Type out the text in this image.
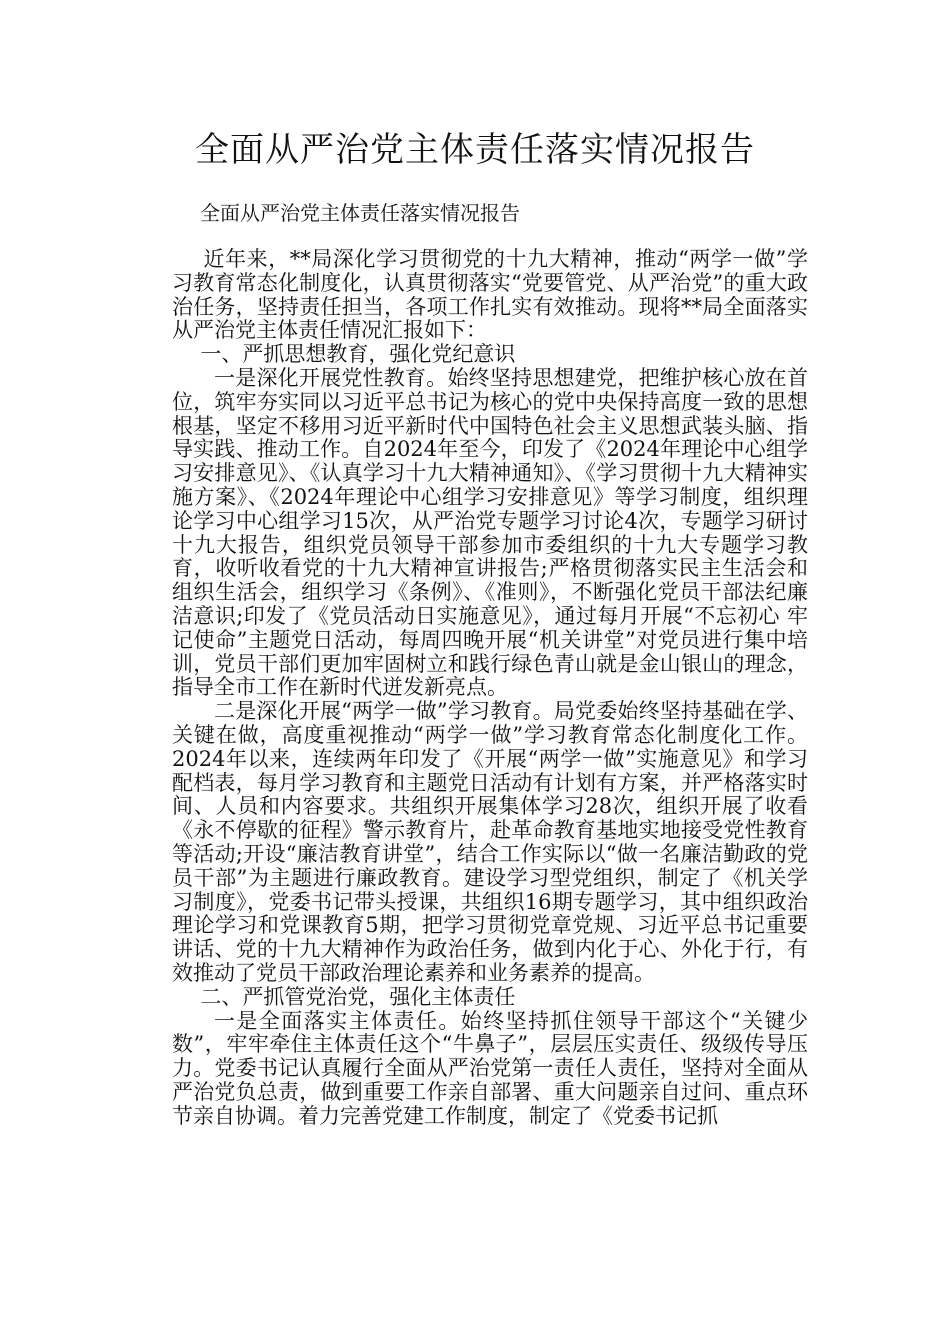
全面从严治党主体责任落实情况报告
全面从严治党主体责任落实情况报告

近年来，**局深化学习贯彻党的十九大精神，推动“两学一做”学习教育常态化制度化，认真贯彻落实“党要管党、从严治党”的重大政治任务，坚持责任担当，各项工作扎实有效推动。现将**局全面落实从严治党主体责任情况汇报如下：

一、严抓思想教育，强化党纪意识

一是深化开展党性教育。始终坚持思想建党，把维护核心放在首位，筑牢夯实同以习近平总书记为核心的党中央保持高度一致的思想根基，坚定不移用习近平新时代中国特色社会主义思想武装头脑、指导实践、推动工作。自2024年至今，印发了《2024年理论中心组学习安排意见》、《认真学习十九大精神通知》、《学习贯彻十九大精神实施方案》、《2024年理论中心组学习安排意见》等学习制度，组织理论学习中心组学习15次，从严治党专题学习讨论4次，专题学习研讨十九大报告，组织党员领导干部参加市委组织的十九大专题学习教育，收听收看党的十九大精神宣讲报告;严格贯彻落实民主生活会和组织生活会，组织学习《条例》、《准则》，不断强化党员干部法纪廉洁意识;印发了《党员活动日实施意见》，通过每月开展“不忘初心 牢记使命”主题党日活动，每周四晚开展“机关讲堂”对党员进行集中培训，党员干部们更加牢固树立和践行绿色青山就是金山银山的理念，指导全市工作在新时代迸发新亮点。

二是深化开展“两学一做”学习教育。局党委始终坚持基础在学、关键在做，高度重视推动“两学一做”学习教育常态化制度化工作。2024年以来，连续两年印发了《开展“两学一做”实施意见》和学习配档表，每月学习教育和主题党日活动有计划有方案，并严格落实时间、人员和内容要求。共组织开展集体学习28次，组织开展了收看《永不停歇的征程》警示教育片，赴革命教育基地实地接受党性教育等活动;开设“廉洁教育讲堂”，结合工作实际以“做一名廉洁勤政的党员干部”为主题进行廉政教育。建设学习型党组织，制定了《机关学习制度》，党委书记带头授课，共组织16期专题学习，其中组织政治理论学习和党课教育5期，把学习贯彻党章党规、习近平总书记重要讲话、党的十九大精神作为政治任务，做到内化于心、外化于行，有效推动了党员干部政治理论素养和业务素养的提高。

二、严抓管党治党，强化主体责任

一是全面落实主体责任。始终坚持抓住领导干部这个“关键少数”，牢牢牵住主体责任这个“牛鼻子”，层层压实责任、级级传导压力。党委书记认真履行全面从严治党第一责任人责任，坚持对全面从严治党负总责，做到重要工作亲自部署、重大问题亲自过问、重点环节亲自协调。着力完善党建工作制度，制定了《党委书记抓
